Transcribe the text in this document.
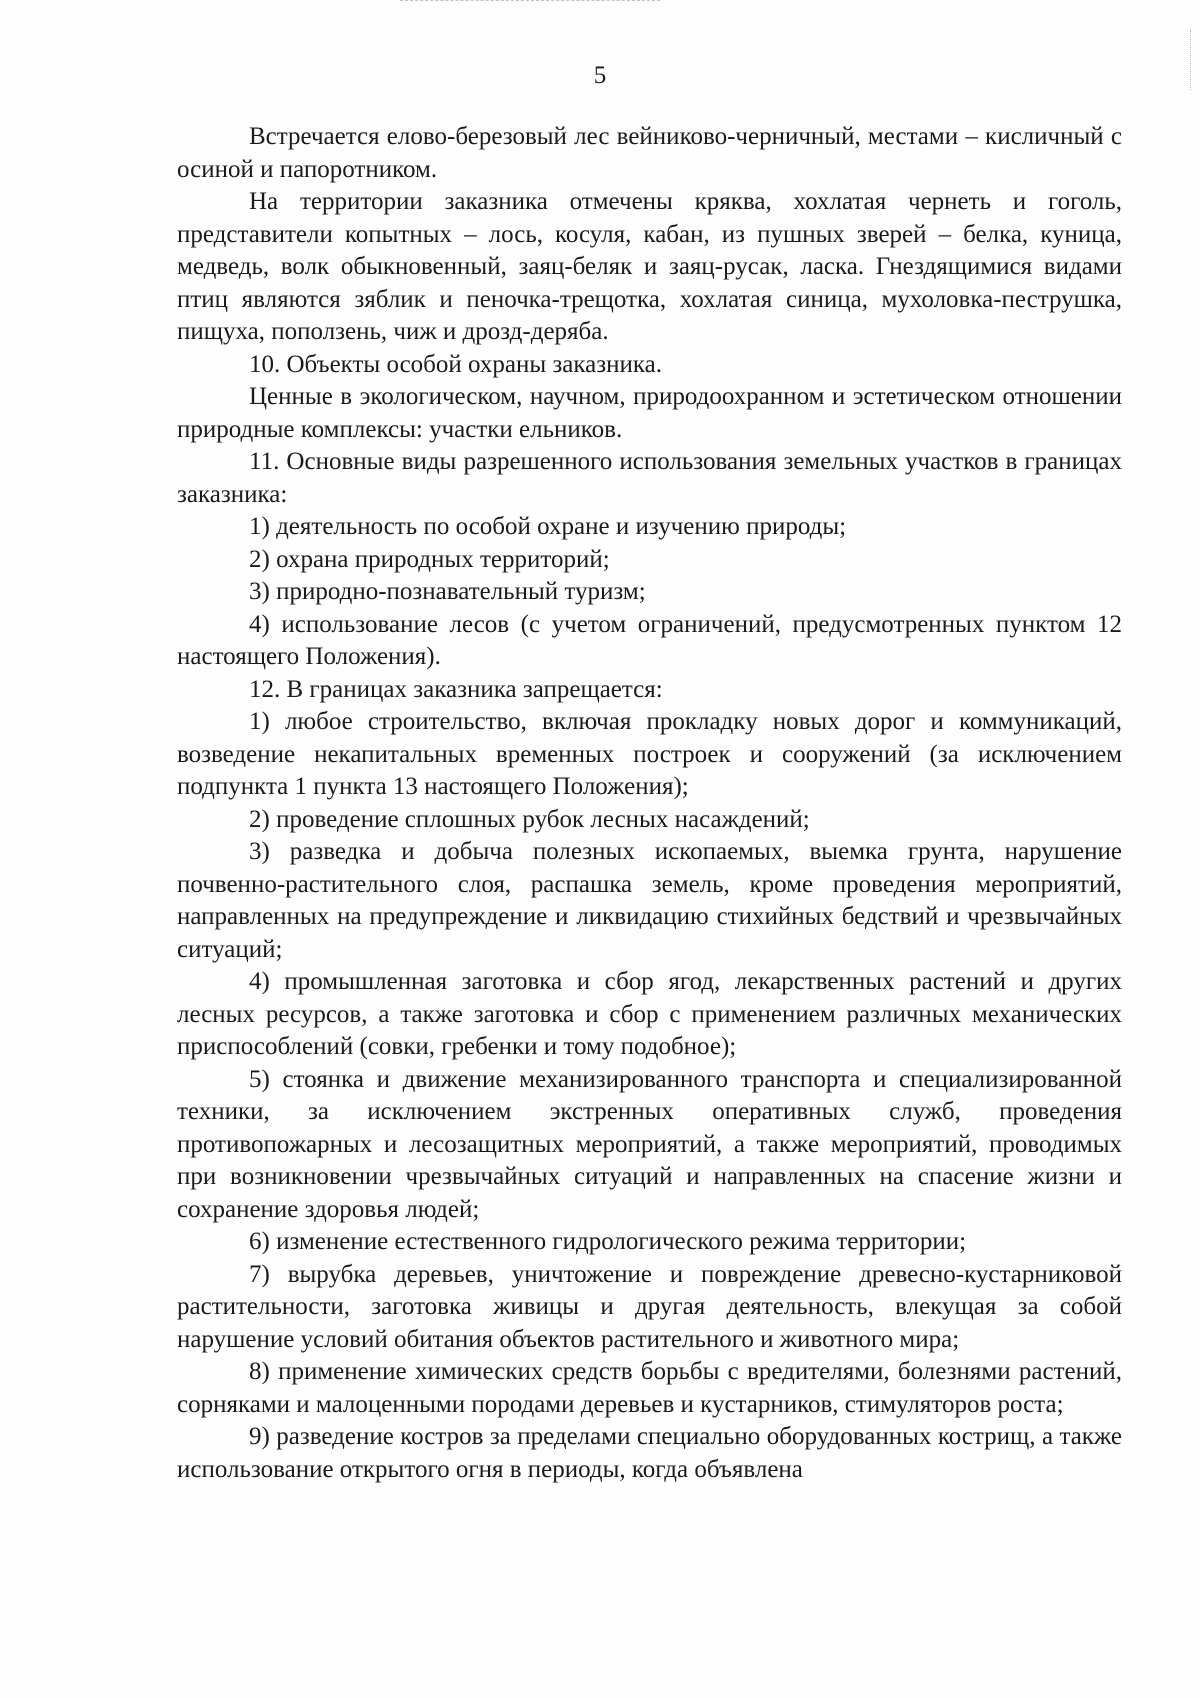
5

Встречается елово-березовый лес вейниково-черничный, местами – кисличный с осиной и папоротником.

На территории заказника отмечены кряква, хохлатая чернеть и гоголь, представители копытных – лось, косуля, кабан, из пушных зверей – белка, куница, медведь, волк обыкновенный, заяц-беляк и заяц-русак, ласка. Гнездящимися видами птиц являются зяблик и пеночка-трещотка, хохлатая синица, мухоловка-пеструшка, пищуха, поползень, чиж и дрозд-деряба.

10. Объекты особой охраны заказника.

Ценные в экологическом, научном, природоохранном и эстетическом отношении природные комплексы: участки ельников.

11. Основные виды разрешенного использования земельных участков в границах заказника:

1) деятельность по особой охране и изучению природы;

2) охрана природных территорий;

3) природно-познавательный туризм;

4) использование лесов (с учетом ограничений, предусмотренных пунктом 12 настоящего Положения).

12. В границах заказника запрещается:

1) любое строительство, включая прокладку новых дорог и коммуникаций, возведение некапитальных временных построек и сооружений (за исключением подпункта 1 пункта 13 настоящего Положения);

2) проведение сплошных рубок лесных насаждений;

3) разведка и добыча полезных ископаемых, выемка грунта, нарушение почвенно-растительного слоя, распашка земель, кроме проведения мероприятий, направленных на предупреждение и ликвидацию стихийных бедствий и чрезвычайных ситуаций;

4) промышленная заготовка и сбор ягод, лекарственных растений и других лесных ресурсов, а также заготовка и сбор с применением различных механических приспособлений (совки, гребенки и тому подобное);

5) стоянка и движение механизированного транспорта и специализированной техники, за исключением экстренных оперативных служб, проведения противопожарных и лесозащитных мероприятий, а также мероприятий, проводимых при возникновении чрезвычайных ситуаций и направленных на спасение жизни и сохранение здоровья людей;

6) изменение естественного гидрологического режима территории;

7) вырубка деревьев, уничтожение и повреждение древесно-кустарниковой растительности, заготовка живицы и другая деятельность, влекущая за собой нарушение условий обитания объектов растительного и животного мира;

8) применение химических средств борьбы с вредителями, болезнями растений, сорняками и малоценными породами деревьев и кустарников, стимуляторов роста;

9) разведение костров за пределами специально оборудованных кострищ, а также использование открытого огня в периоды, когда объявлена
